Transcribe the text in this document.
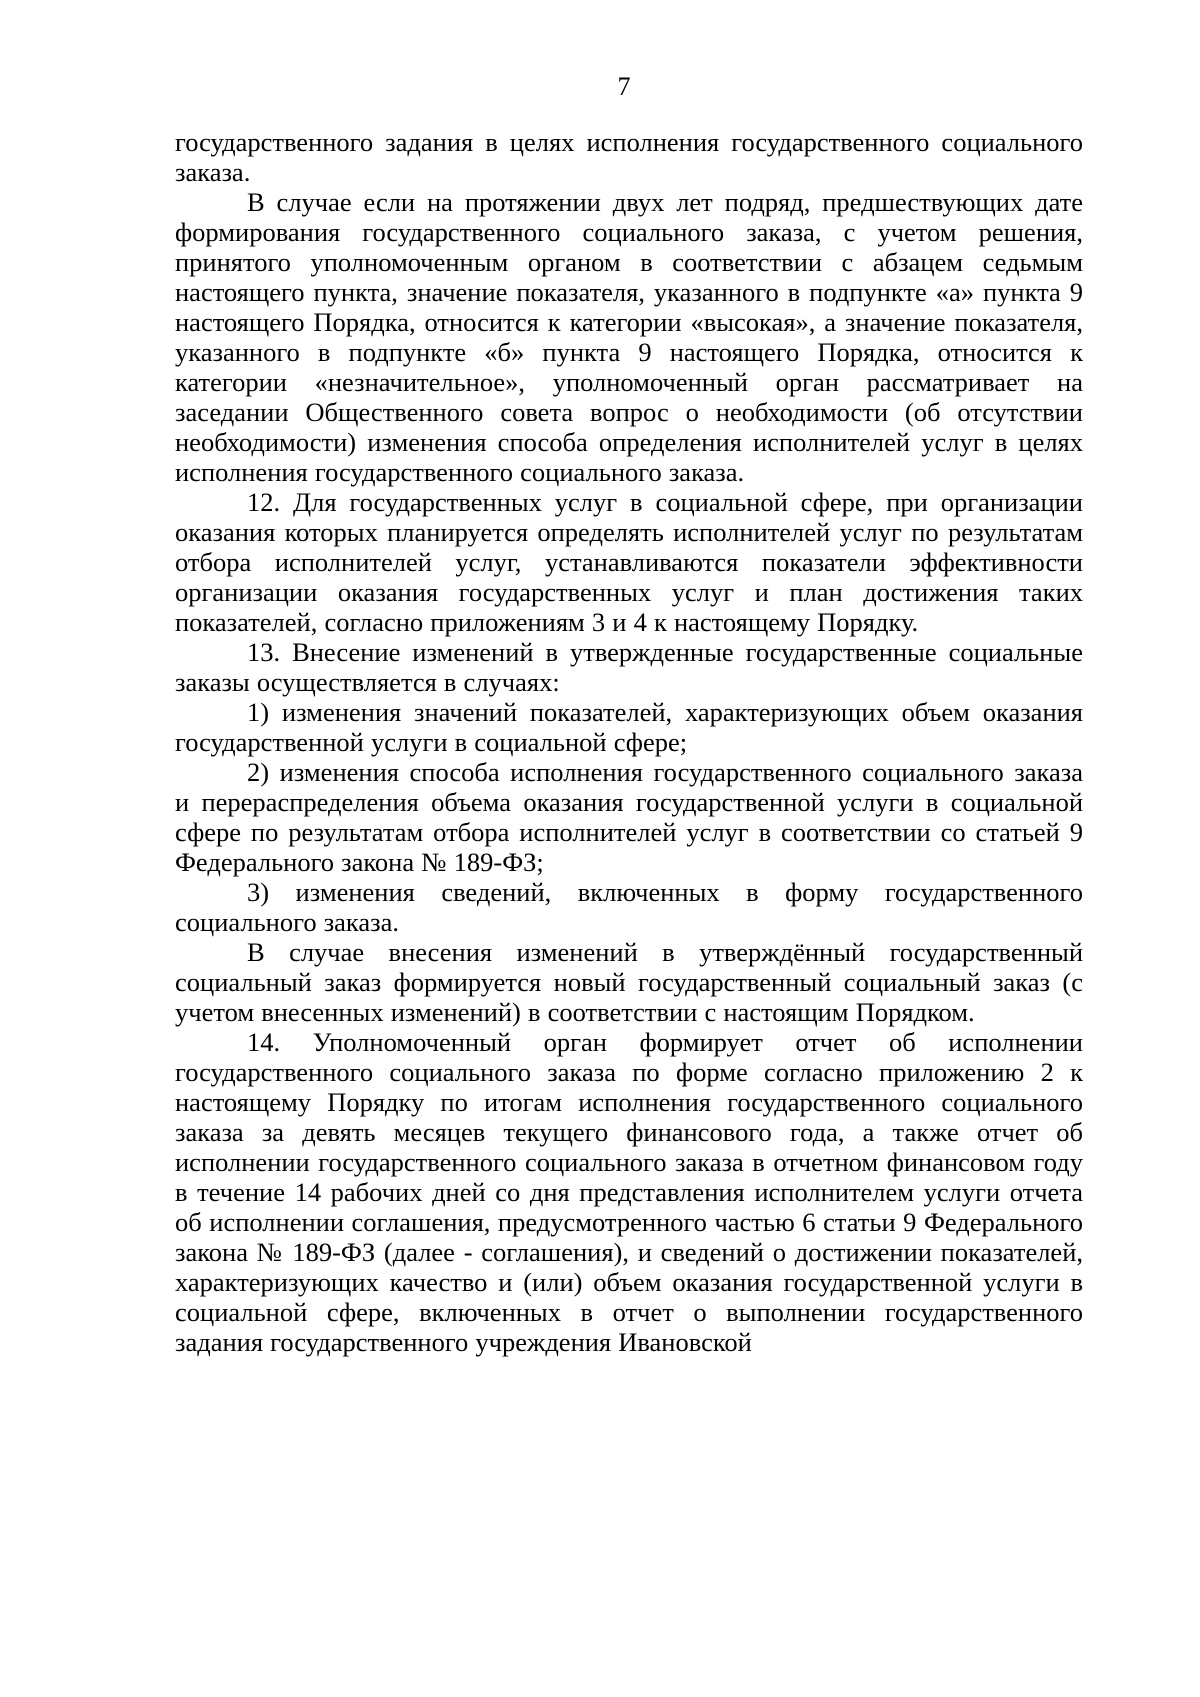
7

государственного задания в целях исполнения государственного социального заказа.

В случае если на протяжении двух лет подряд, предшествующих дате формирования государственного социального заказа, с учетом решения, принятого уполномоченным органом в соответствии с абзацем седьмым настоящего пункта, значение показателя, указанного в подпункте «а» пункта 9 настоящего Порядка, относится к категории «высокая», а значение показателя, указанного в подпункте «б» пункта 9 настоящего Порядка, относится к категории «незначительное», уполномоченный орган рассматривает на заседании Общественного совета вопрос о необходимости (об отсутствии необходимости) изменения способа определения исполнителей услуг в целях исполнения государственного социального заказа.

12. Для государственных услуг в социальной сфере, при организации оказания которых планируется определять исполнителей услуг по результатам отбора исполнителей услуг, устанавливаются показатели эффективности организации оказания государственных услуг и план достижения таких показателей, согласно приложениям 3 и 4 к настоящему Порядку.

13. Внесение изменений в утвержденные государственные социальные заказы осуществляется в случаях:

1) изменения значений показателей, характеризующих объем оказания государственной услуги в социальной сфере;

2) изменения способа исполнения государственного социального заказа и перераспределения объема оказания государственной услуги в социальной сфере по результатам отбора исполнителей услуг в соответствии со статьей 9 Федерального закона № 189-ФЗ;

3) изменения сведений, включенных в форму государственного социального заказа.

В случае внесения изменений в утверждённый государственный социальный заказ формируется новый государственный социальный заказ (с учетом внесенных изменений) в соответствии с настоящим Порядком.

14. Уполномоченный орган формирует отчет об исполнении государственного социального заказа по форме согласно приложению 2 к настоящему Порядку по итогам исполнения государственного социального заказа за девять месяцев текущего финансового года, а также отчет об исполнении государственного социального заказа в отчетном финансовом году в течение 14 рабочих дней со дня представления исполнителем услуги отчета об исполнении соглашения, предусмотренного частью 6 статьи 9 Федерального закона № 189-ФЗ (далее - соглашения), и сведений о достижении показателей, характеризующих качество и (или) объем оказания государственной услуги в социальной сфере, включенных в отчет о выполнении государственного задания государственного учреждения Ивановской
